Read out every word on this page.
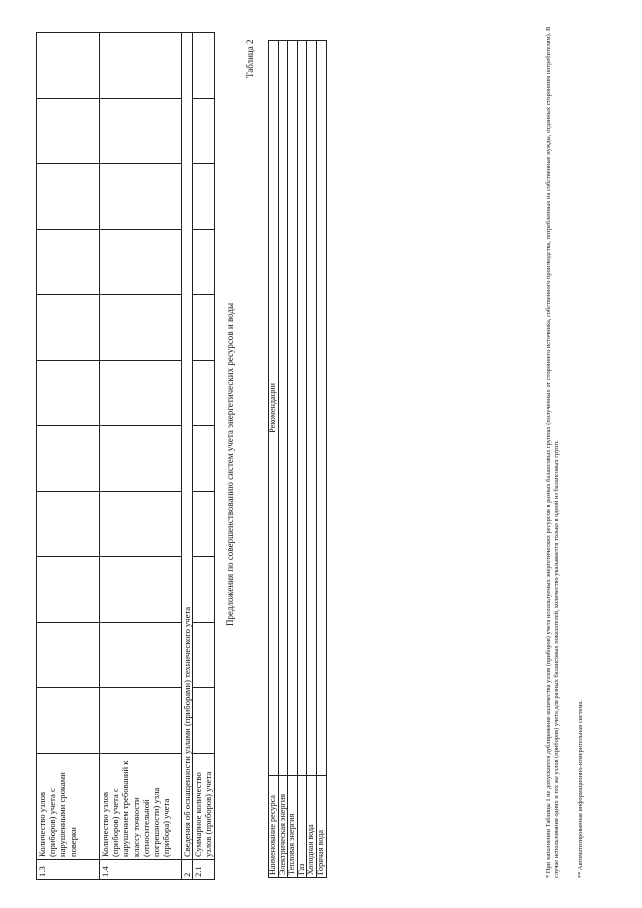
1.3	Количество узлов (приборов) учета с нарушенными сроками поверки											
1.4	Количество узлов (приборов) учета с нарушением требований к классу точности (относительной погрешности) узла (прибора) учета											
2	Сведения об оснащенности узлами (приборами) технического учета											
2.1	Суммарное количество узлов (приборов) учета											
Таблица 2
Предложения по совершенствованию систем учета энергетических ресурсов и воды
Наименование ресурса	Рекомендации
Электрическая энергия	
Тепловая энергия	
Газ	
Холодная вода	
Горячая вода		* При заполнении Таблицы 1 не допускается дублирование количества узлов (приборов) учета используемых энергетических ресурсов в разных балансовых группах (полученных от стороннего источника, собственного производства, потребленных на собственные нужды, отданных сторонним потребителям). В случае использования одних и тех же узлов (приборов) учета для разных балансовых показателей, количество указывается только в одной из балансовых групп.	** Автоматизированная информационно-измерительная система.
